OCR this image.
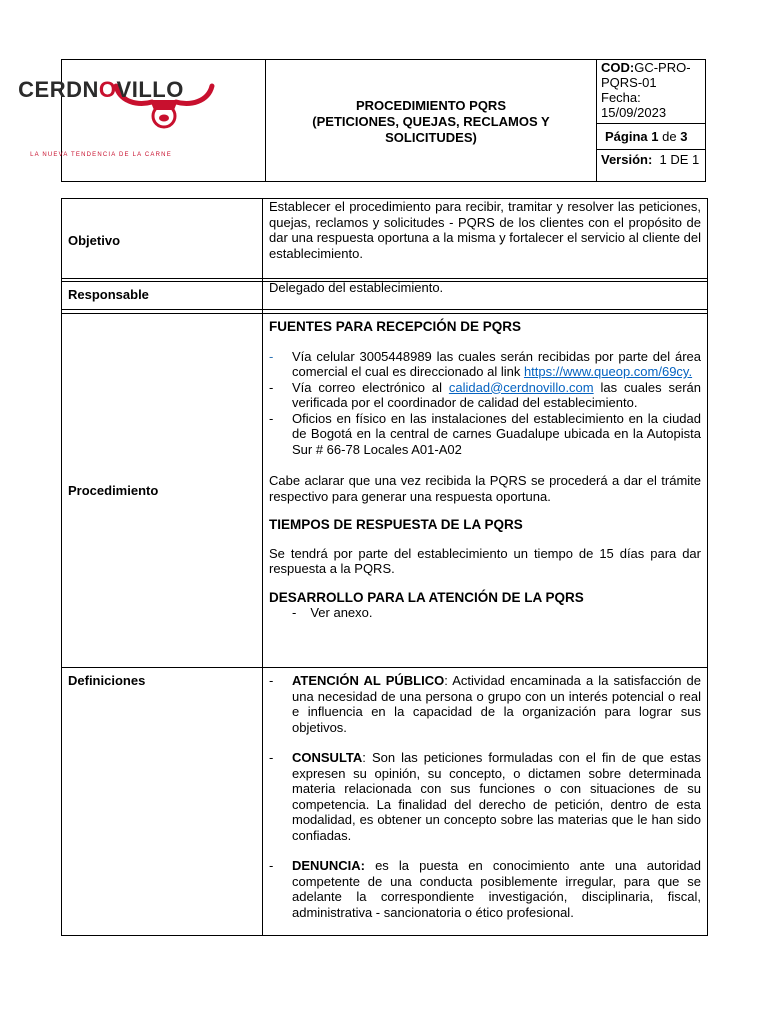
PROCEDIMIENTO PQRS
(PETICIONES, QUEJAS, RECLAMOS Y
SOLICITUDES)
COD:GC-PRO-PQRS-01
Fecha:
15/09/2023
Página
1
de
3
Versión: 1 DE 1
CERDNOVILLO
LA NUEVA TENDENCIA DE LA CARNE
Objetivo
Establecer el procedimiento para recibir, tramitar y resolver las peticiones, quejas, reclamos y solicitudes - PQRS de los clientes con el propósito de dar una respuesta oportuna a la misma y fortalecer el servicio al cliente del establecimiento.
Responsable	Delegado del establecimiento.
Procedimiento
FUENTES PARA RECEPCIÓN DE PQRS
- Vía celular 3005448989 las cuales serán recibidas por parte del área comercial el cual es direccionado al link https://www.queop.com/69cy.
- Vía correo electrónico al calidad@cerdnovillo.com las cuales serán verificada por el coordinador de calidad del establecimiento.
- Oficios en físico en las instalaciones del establecimiento en la ciudad de Bogotá en la central de carnes Guadalupe ubicada en la Autopista Sur # 66-78 Locales A01-A02
Cabe aclarar que una vez recibida la PQRS se procederá a dar el trámite respectivo para generar una respuesta oportuna.
TIEMPOS DE RESPUESTA DE LA PQRS
Se tendrá por parte del establecimiento un tiempo de 15 días para dar respuesta a la PQRS.
DESARROLLO PARA LA ATENCIÓN DE LA PQRS
- Ver anexo.
Definiciones	- ATENCIÓN AL PÚBLICO: Actividad encaminada a la satisfacción de una necesidad de una persona o grupo con un interés potencial o real e influencia en la capacidad de la organización para lograr sus objetivos.
- CONSULTA: Son las peticiones formuladas con el fin de que estas expresen su opinión, su concepto, o dictamen sobre determinada materia relacionada con sus funciones o con situaciones de su competencia. La finalidad del derecho de petición, dentro de esta modalidad, es obtener un concepto sobre las materias que le han sido confiadas.
- DENUNCIA: es la puesta en conocimiento ante una autoridad competente de una conducta posiblemente irregular, para que se adelante la correspondiente investigación, disciplinaria, fiscal, administrativa - sancionatoria o ético profesional.
